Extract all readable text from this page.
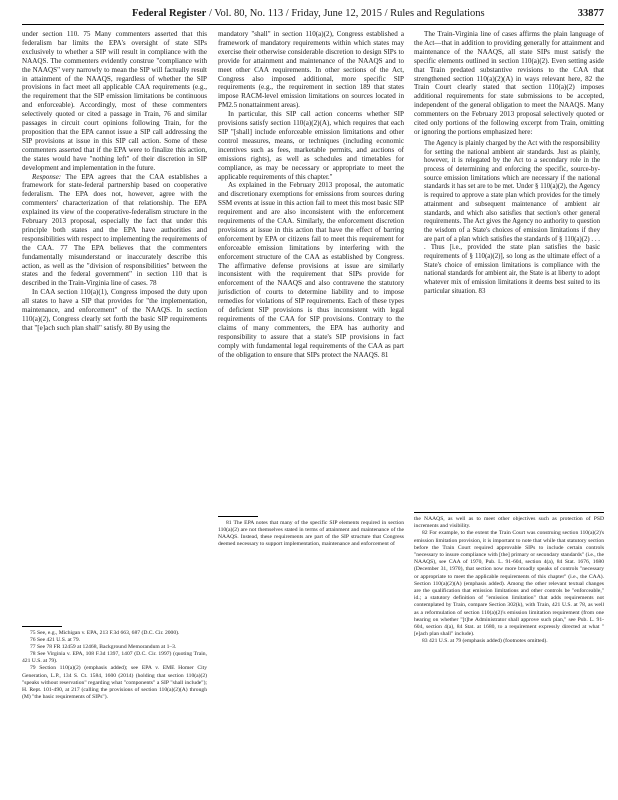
Federal Register / Vol. 80, No. 113 / Friday, June 12, 2015 / Rules and Regulations	33877

under section 110. 75 Many commenters asserted that this federalism bar limits the EPA's oversight of state SIPs exclusively to whether a SIP will result in compliance with the NAAQS. The commenters evidently construe "compliance with the NAAQS" very narrowly to mean the SIP will factually result in attainment of the NAAQS, regardless of whether the SIP provisions in fact meet all applicable CAA requirements (e.g., the requirement that the SIP emission limitations be continuous and enforceable). Accordingly, most of these commenters selectively quoted or cited a passage in Train, 76 and similar passages in circuit court opinions following Train, for the proposition that the EPA cannot issue a SIP call addressing the SIP provisions at issue in this SIP call action. Some of these commenters asserted that if the EPA were to finalize this action, the states would have "nothing left" of their discretion in SIP development and implementation in the future.

Response: The EPA agrees that the CAA establishes a framework for state-federal partnership based on cooperative federalism. The EPA does not, however, agree with the commenters' characterization of that relationship. The EPA explained its view of the cooperative-federalism structure in the February 2013 proposal, especially the fact that under this principle both states and the EPA have authorities and responsibilities with respect to implementing the requirements of the CAA. 77 The EPA believes that the commenters fundamentally misunderstand or inaccurately describe this action, as well as the "division of responsibilities" between the states and the federal government" in section 110 that is described in the Train-Virginia line of cases. 78

In CAA section 110(a)(1), Congress imposed the duty upon all states to have a SIP that provides for "the implementation, maintenance, and enforcement" of the NAAQS. In section 110(a)(2), Congress clearly set forth the basic SIP requirements that "[e]ach such plan shall" satisfy. 80 By using the

75 See, e.g., Michigan v. EPA, 213 F.3d 663, 687 (D.C. Cir. 2000).

76 See 421 U.S. at 79.

77 See 78 FR 12459 at 12468, Background Memorandum at 1–3.

78 See Virginia v. EPA, 108 F.3d 1397, 1407 (D.C. Cir. 1997) (quoting Train, 421 U.S. at 79).

79 Section 110(a)(2) (emphasis added); see EPA v. EME Homer City Generation, L.P., 134 S. Ct. 1584, 1600 (2014) (holding that section 110(a)(2) "speaks without reservation" regarding what "components" a SIP "shall include"); H. Rept. 101-490, at 217 (calling the provisions of section 110(a)(2)(A) through (M) "the basic requirements of SIPs").

mandatory "shall" in section 110(a)(2), Congress established a framework of mandatory requirements within which states may exercise their otherwise considerable discretion to design SIPs to provide for attainment and maintenance of the NAAQS and to meet other CAA requirements. In other sections of the Act, Congress also imposed additional, more specific SIP requirements (e.g., the requirement in section 189 that states impose RACM-level emission limitations on sources located in PM2.5 nonattainment areas).

In particular, this SIP call action concerns whether SIP provisions satisfy section 110(a)(2)(A), which requires that each SIP "[shall] include enforceable emission limitations and other control measures, means, or techniques (including economic incentives such as fees, marketable permits, and auctions of emissions rights), as well as schedules and timetables for compliance, as may be necessary or appropriate to meet the applicable requirements of this chapter."

As explained in the February 2013 proposal, the automatic and discretionary exemptions for emissions from sources during SSM events at issue in this action fail to meet this most basic SIP requirement and are also inconsistent with the enforcement requirements of the CAA. Similarly, the enforcement discretion provisions at issue in this action that have the effect of barring enforcement by EPA or citizens fail to meet this requirement for enforceable emission limitations by interfering with the enforcement structure of the CAA as established by Congress. The affirmative defense provisions at issue are similarly inconsistent with the requirement that SIPs provide for enforcement of the NAAQS and also contravene the statutory jurisdiction of courts to determine liability and to impose remedies for violations of SIP requirements. Each of these types of deficient SIP provisions is thus inconsistent with legal requirements of the CAA for SIP provisions. Contrary to the claims of many commenters, the EPA has authority and responsibility to assure that a state's SIP provisions in fact comply with fundamental legal requirements of the CAA as part of the obligation to ensure that SIPs protect the NAAQS. 81

81 The EPA notes that many of the specific SIP elements required in section 110(a)(2) are not themselves stated in terms of attainment and maintenance of the NAAQS. Instead, these requirements are part of the SIP structure that Congress deemed necessary to support implementation, maintenance and enforcement of

The Train-Virginia line of cases affirms the plain language of the Act—that in addition to providing generally for attainment and maintenance of the NAAQS, all state SIPs must satisfy the specific elements outlined in section 110(a)(2). Even setting aside that Train predated substantive revisions to the CAA that strengthened section 110(a)(2)(A) in ways relevant here, 82 the Train Court clearly stated that section 110(a)(2) imposes additional requirements for state submissions to be accepted, independent of the general obligation to meet the NAAQS. Many commenters on the February 2013 proposal selectively quoted or cited only portions of the following excerpt from Train, omitting or ignoring the portions emphasized here:

The Agency is plainly charged by the Act with the responsibility for setting the national ambient air standards. Just as plainly, however, it is relegated by the Act to a secondary role in the process of determining and enforcing the specific, source-by-source emission limitations which are necessary if the national standards it has set are to be met. Under § 110(a)(2), the Agency is required to approve a state plan which provides for the timely attainment and subsequent maintenance of ambient air standards, and which also satisfies that section's other general requirements. The Act gives the Agency no authority to question the wisdom of a State's choices of emission limitations if they are part of a plan which satisfies the standards of § 110(a)(2) . . . . Thus [i.e., provided the state plan satisfies the basic requirements of § 110(a)(2)], so long as the ultimate effect of a State's choice of emission limitations is compliance with the national standards for ambient air, the State is at liberty to adopt whatever mix of emission limitations it deems best suited to its particular situation. 83

the NAAQS, as well as to meet other objectives such as protection of PSD increments and visibility.

82 For example, to the extent the Train Court was construing section 110(a)(2)'s emission limitation provision, it is important to note that while that statutory section before the Train Court required approvable SIPs to include certain controls "necessary to insure compliance with [the] primary or secondary standards" (i.e., the NAAQS), see CAA of 1970, Pub. L. 91-604, section 4(a), 84 Stat. 1676, 1680 (December 31, 1970), that section now more broadly speaks of controls "necessary or appropriate to meet the applicable requirements of this chapter" (i.e., the CAA). Section 110(a)(2)(A) (emphasis added). Among the other relevant textual changes are the qualification that emission limitations and other controls be "enforceable," id.; a statutory definition of "emission limitation" that adds requirements not contemplated by Train, compare Section 302(k), with Train, 421 U.S. at 78, as well as a reformulation of section 110(a)(2)'s emission limitation requirement (from one hearing on whether "[t]he Administrator shall approve such plan," see Pub. L. 91-604, section 4(a), 84 Stat. at 1680, to a requirement expressly directed at what "[e]ach plan shall" include).

83 421 U.S. at 79 (emphasis added) (footnotes omitted).
